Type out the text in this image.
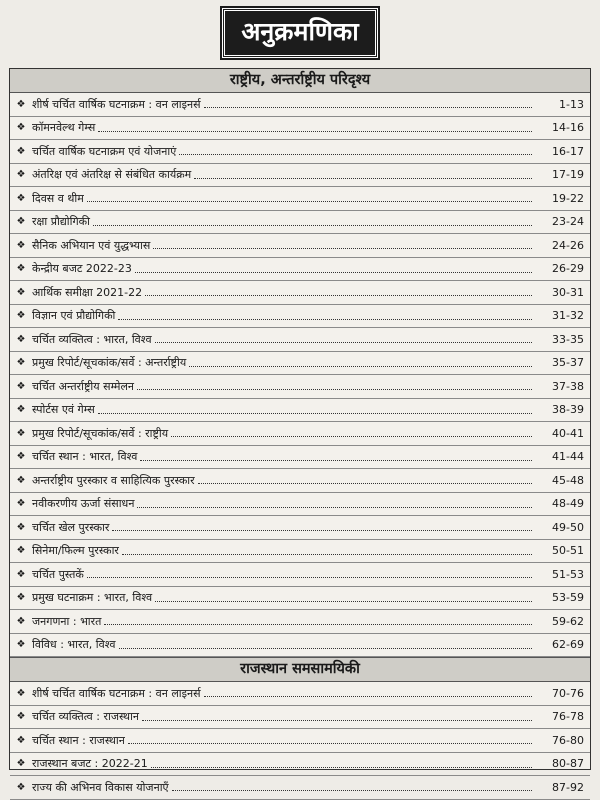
अनुक्रमणिका
राष्ट्रीय, अन्तर्राष्ट्रीय परिदृश्य
❖ शीर्ष चर्चित वार्षिक घटनाक्रम : वन लाइनर्स	1-13
❖ कॉमनवेल्थ गेम्स	14-16
❖ चर्चित वार्षिक घटनाक्रम एवं योजनाएं	16-17
❖ अंतरिक्ष एवं अंतरिक्ष से संबंधित कार्यक्रम	17-19
❖ दिवस व थीम	19-22
❖ रक्षा प्रौद्योगिकी	23-24
❖ सैनिक अभियान एवं युद्धभ्यास	24-26
❖ केन्द्रीय बजट 2022-23	26-29
❖ आर्थिक समीक्षा 2021-22	30-31
❖ विज्ञान एवं प्रौद्योगिकी	31-32
❖ चर्चित व्यक्तित्व : भारत, विश्व	33-35
❖ प्रमुख रिपोर्ट/सूचकांक/सर्वे : अन्तर्राष्ट्रीय	35-37
❖ चर्चित अन्तर्राष्ट्रीय सम्मेलन	37-38
❖ स्पोर्टस एवं गेम्स	38-39
❖ प्रमुख रिपोर्ट/सूचकांक/सर्वे : राष्ट्रीय	40-41
❖ चर्चित स्थान : भारत, विश्व	41-44
❖ अन्तर्राष्ट्रीय पुरस्कार व साहित्यिक पुरस्कार	45-48
❖ नवीकरणीय ऊर्जा संसाधन	48-49
❖ चर्चित खेल पुरस्कार	49-50
❖ सिनेमा/फिल्म पुरस्कार	50-51
❖ चर्चित पुस्तकें	51-53
❖ प्रमुख घटनाक्रम : भारत, विश्व	53-59
❖ जनगणना : भारत	59-62
❖ विविध : भारत, विश्व	62-69
राजस्थान समसामयिकी
❖ शीर्ष चर्चित वार्षिक घटनाक्रम : वन लाइनर्स	70-76
❖ चर्चित व्यक्तित्व : राजस्थान	76-78
❖ चर्चित स्थान : राजस्थान	76-80
❖ राजस्थान बजट : 2022-21	80-87
❖ राज्य की अभिनव विकास योजनाएँ	87-92
